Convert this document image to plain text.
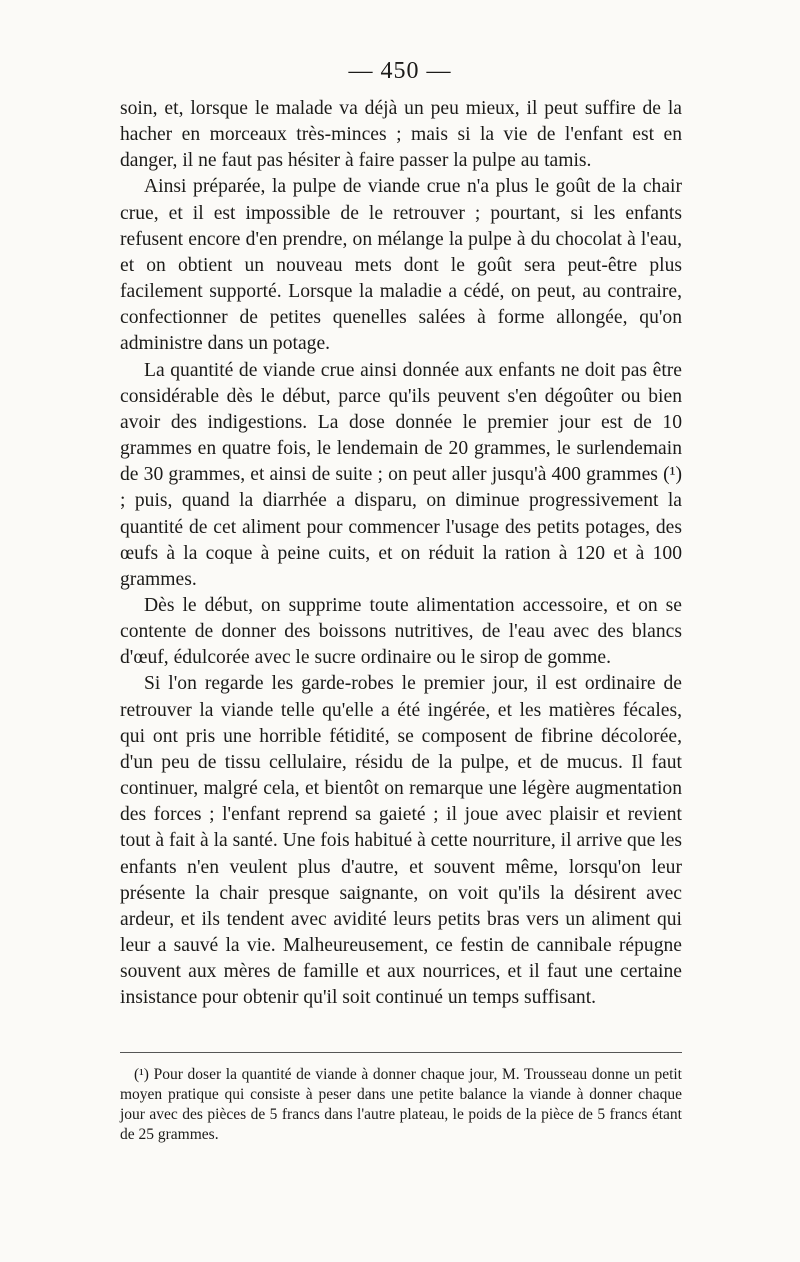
— 450 —

soin, et, lorsque le malade va déjà un peu mieux, il peut suffire de la hacher en morceaux très-minces ; mais si la vie de l'enfant est en danger, il ne faut pas hésiter à faire passer la pulpe au tamis.

Ainsi préparée, la pulpe de viande crue n'a plus le goût de la chair crue, et il est impossible de le retrouver ; pourtant, si les enfants refusent encore d'en prendre, on mélange la pulpe à du chocolat à l'eau, et on obtient un nouveau mets dont le goût sera peut-être plus facilement supporté. Lorsque la maladie a cédé, on peut, au contraire, confectionner de petites quenelles salées à forme allongée, qu'on administre dans un potage.

La quantité de viande crue ainsi donnée aux enfants ne doit pas être considérable dès le début, parce qu'ils peuvent s'en dégoûter ou bien avoir des indigestions. La dose donnée le premier jour est de 10 grammes en quatre fois, le lendemain de 20 grammes, le surlendemain de 30 grammes, et ainsi de suite ; on peut aller jusqu'à 400 grammes (¹) ; puis, quand la diarrhée a disparu, on diminue progressivement la quantité de cet aliment pour commencer l'usage des petits potages, des œufs à la coque à peine cuits, et on réduit la ration à 120 et à 100 grammes.

Dès le début, on supprime toute alimentation accessoire, et on se contente de donner des boissons nutritives, de l'eau avec des blancs d'œuf, édulcorée avec le sucre ordinaire ou le sirop de gomme.

Si l'on regarde les garde-robes le premier jour, il est ordinaire de retrouver la viande telle qu'elle a été ingérée, et les matières fécales, qui ont pris une horrible fétidité, se composent de fibrine décolorée, d'un peu de tissu cellulaire, résidu de la pulpe, et de mucus. Il faut continuer, malgré cela, et bientôt on remarque une légère augmentation des forces ; l'enfant reprend sa gaieté ; il joue avec plaisir et revient tout à fait à la santé. Une fois habitué à cette nourriture, il arrive que les enfants n'en veulent plus d'autre, et souvent même, lorsqu'on leur présente la chair presque saignante, on voit qu'ils la désirent avec ardeur, et ils tendent avec avidité leurs petits bras vers un aliment qui leur a sauvé la vie. Malheureusement, ce festin de cannibale répugne souvent aux mères de famille et aux nourrices, et il faut une certaine insistance pour obtenir qu'il soit continué un temps suffisant.

(¹) Pour doser la quantité de viande à donner chaque jour, M. Trousseau donne un petit moyen pratique qui consiste à peser dans une petite balance la viande à donner chaque jour avec des pièces de 5 francs dans l'autre plateau, le poids de la pièce de 5 francs étant de 25 grammes.
